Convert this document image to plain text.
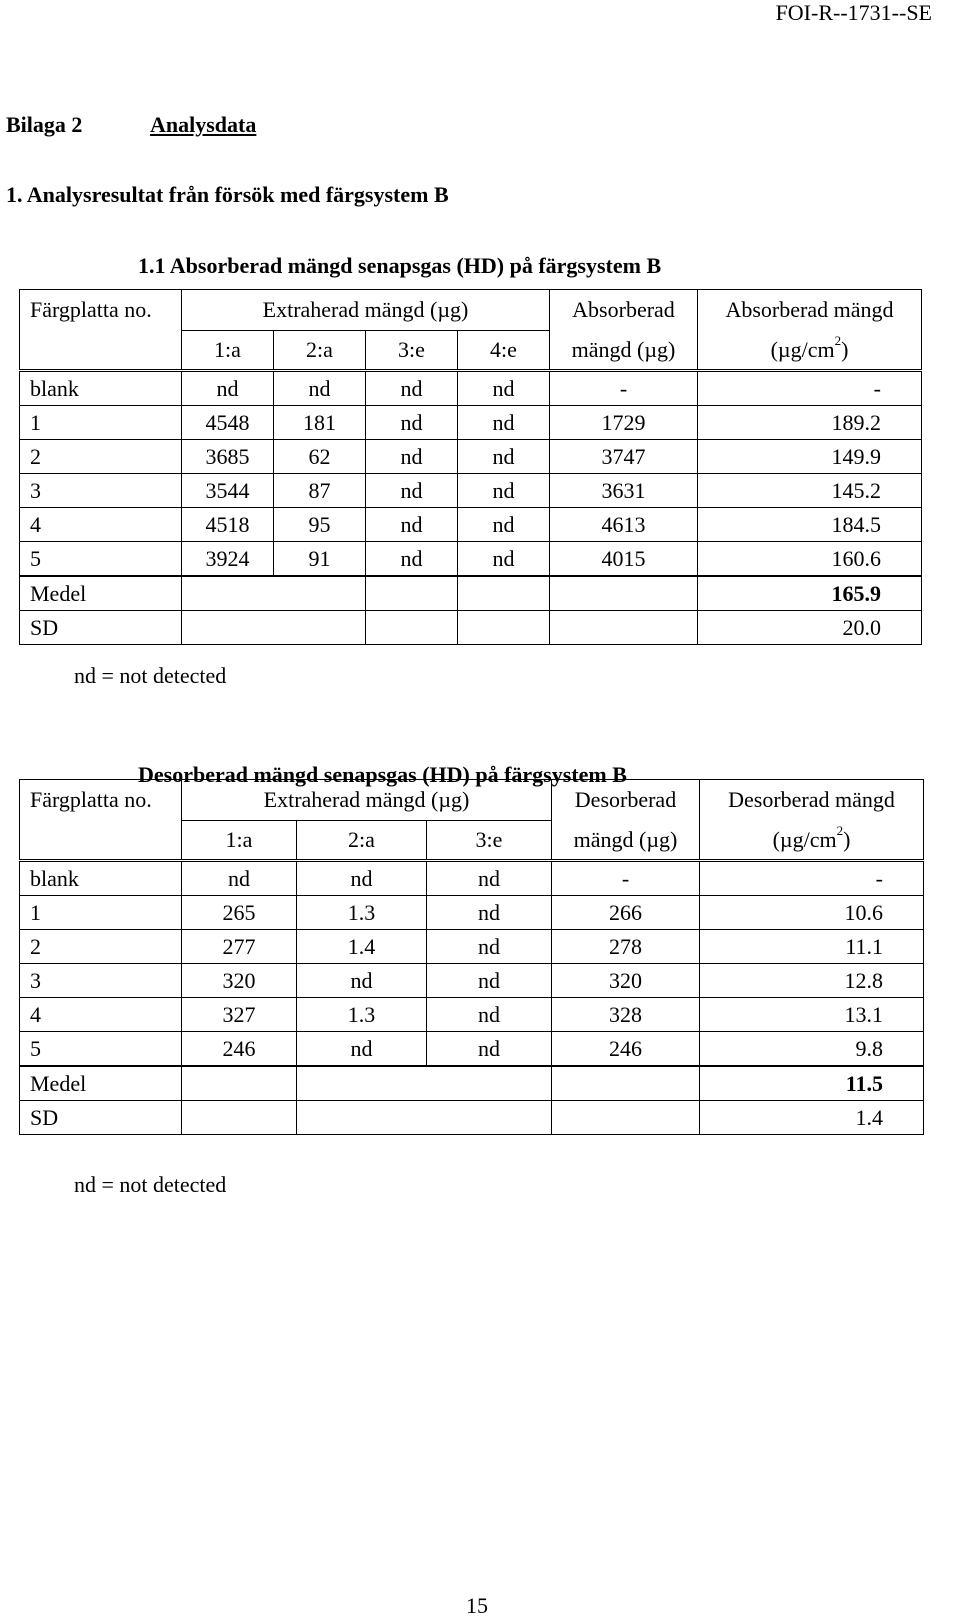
FOI-R--1731--SE
Bilaga 2	Analysdata
1. Analysresultat från försök med färgsystem B
1.1 Absorberad mängd senapsgas (HD) på färgsystem B
Färgplatta no.	Extraherad mängd (µg)				Absorberad	Absorberad mängd
	1:a	2:a	3:e	4:e	mängd (µg)	$(\mu g/cm^2)$
blank	nd	nd	nd	nd	-	-
1	4548	181	nd	nd	1729	189.2
2	3685	62	nd	nd	3747	149.9
3	3544	87	nd	nd	3631	145.2
4	4518	95	nd	nd	4613	184.5
5	3924	91	nd	nd	4015	160.6
Medel						165.9
SD						20.0
nd = not detected
Desorberad mängd senapsgas (HD) på färgsystem B
Färgplatta no.	Extraherad mängd (µg)			Desorberad	Desorberad mängd
	1:a	2:a	3:e	mängd (µg)	$(\mu g/cm^2)$
blank	nd	nd	nd	-	-
1	265	1.3	nd	266	10.6
2	277	1.4	nd	278	11.1
3	320	nd	nd	320	12.8
4	327	1.3	nd	328	13.1
5	246	nd	nd	246	9.8
Medel					11.5
SD					1.4
nd = not detected
15
